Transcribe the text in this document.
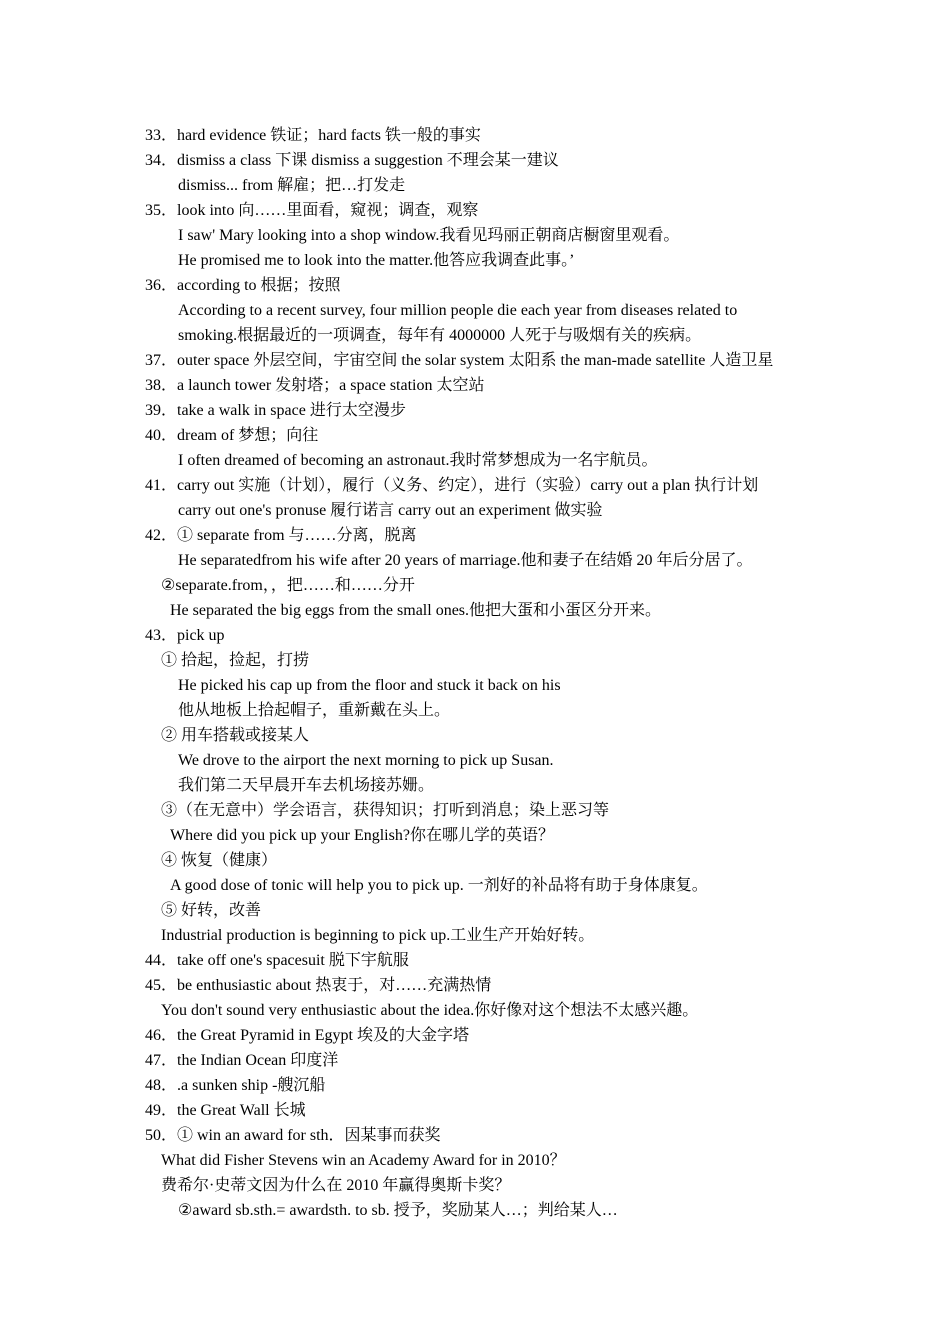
33．hard evidence 铁证；hard facts 铁一般的事实
34．dismiss a class 下课 dismiss a suggestion 不理会某一建议
dismiss... from 解雇；把…打发走
35．look into 向……里面看，窥视；调查，观察
I saw' Mary looking into a shop window.我看见玛丽正朝商店橱窗里观看。
He promised me to look into the matter.他答应我调查此事。’
36．according to 根据；按照
According to a recent survey, four million people die each year from diseases related to
smoking.根据最近的一项调查，每年有 4000000 人死于与吸烟有关的疾病。
37．outer space 外层空间，宇宙空间 the solar system 太阳系 the man-made satellite 人造卫星
38．a launch tower 发射塔；a space station 太空站
39．take a walk in space 进行太空漫步
40．dream of 梦想；向往
I often dreamed of becoming an astronaut.我时常梦想成为一名宇航员。
41．carry out 实施（计划），履行（义务、约定），进行（实验）carry out a plan 执行计划
carry out one's pronuse 履行诺言 carry out an experiment 做实验
42．① separate from 与……分离，脱离
He separatedfrom his wife after 20 years of marriage.他和妻子在结婚 20 年后分居了。
②separate.from，，把……和……分开
He separated the big eggs from the small ones.他把大蛋和小蛋区分开来。
43．pick up
① 拾起，捡起，打捞
He picked his cap up from the floor and stuck it back on his
他从地板上拾起帽子，重新戴在头上。
② 用车搭载或接某人
We drove to the airport the next morning to pick up Susan.
我们第二天早晨开车去机场接苏姗。
③（在无意中）学会语言，获得知识；打听到消息；染上恶习等
Where did you pick up your English?你在哪儿学的英语？
④ 恢复（健康）
A good dose of tonic will help you to pick up. 一剂好的补品将有助于身体康复。
⑤ 好转，改善
Industrial production is beginning to pick up.工业生产开始好转。
44．take off one's spacesuit 脱下宇航服
45．be enthusiastic about 热衷于，对……充满热情
You don't sound very enthusiastic about the idea.你好像对这个想法不太感兴趣。
46．the Great Pyramid in Egypt 埃及的大金字塔
47．the Indian Ocean 印度洋
48．.a sunken ship -艘沉船
49．the Great Wall 长城
50．① win an award for sth．因某事而获奖
What did Fisher Stevens win an Academy Award for in 2010？
费希尔·史蒂文因为什么在 2010 年赢得奥斯卡奖？
②award sb.sth.= awardsth. to sb. 授予，奖励某人…；判给某人…
